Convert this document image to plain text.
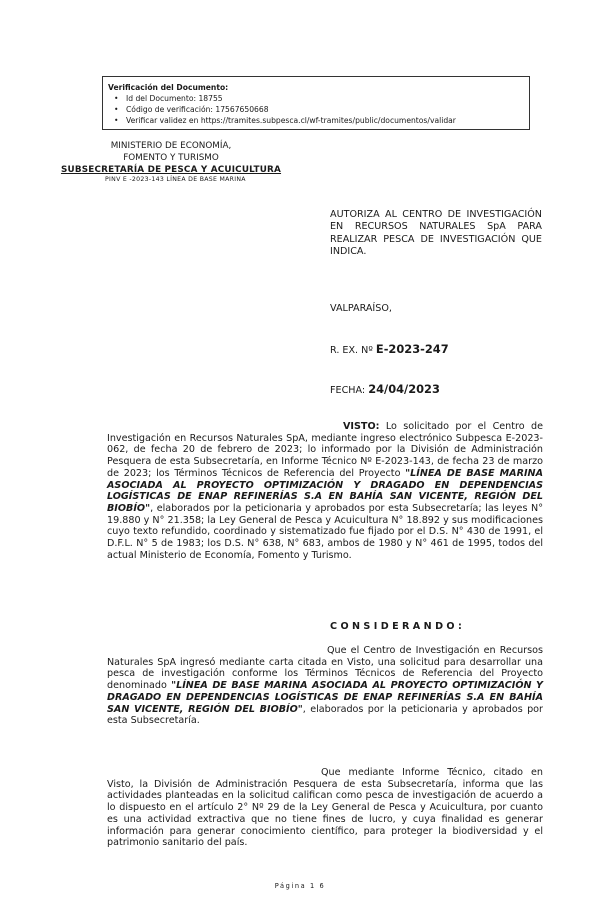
Verificación del Documento:
• Id del Documento: 18755
• Código de verificación: 17567650668
• Verificar validez en https://tramites.subpesca.cl/wf-tramites/public/documentos/validar
MINISTERIO DE ECONOMÍA,
FOMENTO Y TURISMO
SUBSECRETARÍA DE PESCA Y ACUICULTURA
PINV E -2023-143 LÍNEA DE BASE MARINA
AUTORIZA AL CENTRO DE INVESTIGACIÓN EN RECURSOS NATURALES SpA PARA REALIZAR PESCA DE INVESTIGACIÓN QUE INDICA.
VALPARAÍSO,
R. EX. Nº E-2023-247
FECHA: 24/04/2023
VISTO: Lo solicitado por el Centro de Investigación en Recursos Naturales SpA, mediante ingreso electrónico Subpesca E-2023-062, de fecha 20 de febrero de 2023; lo informado por la División de Administración Pesquera de esta Subsecretaría, en Informe Técnico Nº E-2023-143, de fecha 23 de marzo de 2023; los Términos Técnicos de Referencia del Proyecto "LÍNEA DE BASE MARINA ASOCIADA AL PROYECTO OPTIMIZACIÓN Y DRAGADO EN DEPENDENCIAS LOGÍSTICAS DE ENAP REFINERÍAS S.A EN BAHÍA SAN VICENTE, REGIÓN DEL BIOBÍO", elaborados por la peticionaria y aprobados por esta Subsecretaría; las leyes N° 19.880 y N° 21.358; la Ley General de Pesca y Acuicultura N° 18.892 y sus modificaciones cuyo texto refundido, coordinado y sistematizado fue fijado por el D.S. N° 430 de 1991, el D.F.L. N° 5 de 1983; los D.S. N° 638, N° 683, ambos de 1980 y N° 461 de 1995, todos del actual Ministerio de Economía, Fomento y Turismo.
CONSIDERANDO:
Que el Centro de Investigación en Recursos Naturales SpA ingresó mediante carta citada en Visto, una solicitud para desarrollar una pesca de investigación conforme los Términos Técnicos de Referencia del Proyecto denominado "LÍNEA DE BASE MARINA ASOCIADA AL PROYECTO OPTIMIZACIÓN Y DRAGADO EN DEPENDENCIAS LOGÍSTICAS DE ENAP REFINERÍAS S.A EN BAHÍA SAN VICENTE, REGIÓN DEL BIOBÍO", elaborados por la peticionaria y aprobados por esta Subsecretaría.
Que mediante Informe Técnico, citado en Visto, la División de Administración Pesquera de esta Subsecretaría, informa que las actividades planteadas en la solicitud califican como pesca de investigación de acuerdo a lo dispuesto en el artículo 2° Nº 29 de la Ley General de Pesca y Acuicultura, por cuanto es una actividad extractiva que no tiene fines de lucro, y cuya finalidad es generar información para generar conocimiento científico, para proteger la biodiversidad y el patrimonio sanitario del país.
Página 1 6
